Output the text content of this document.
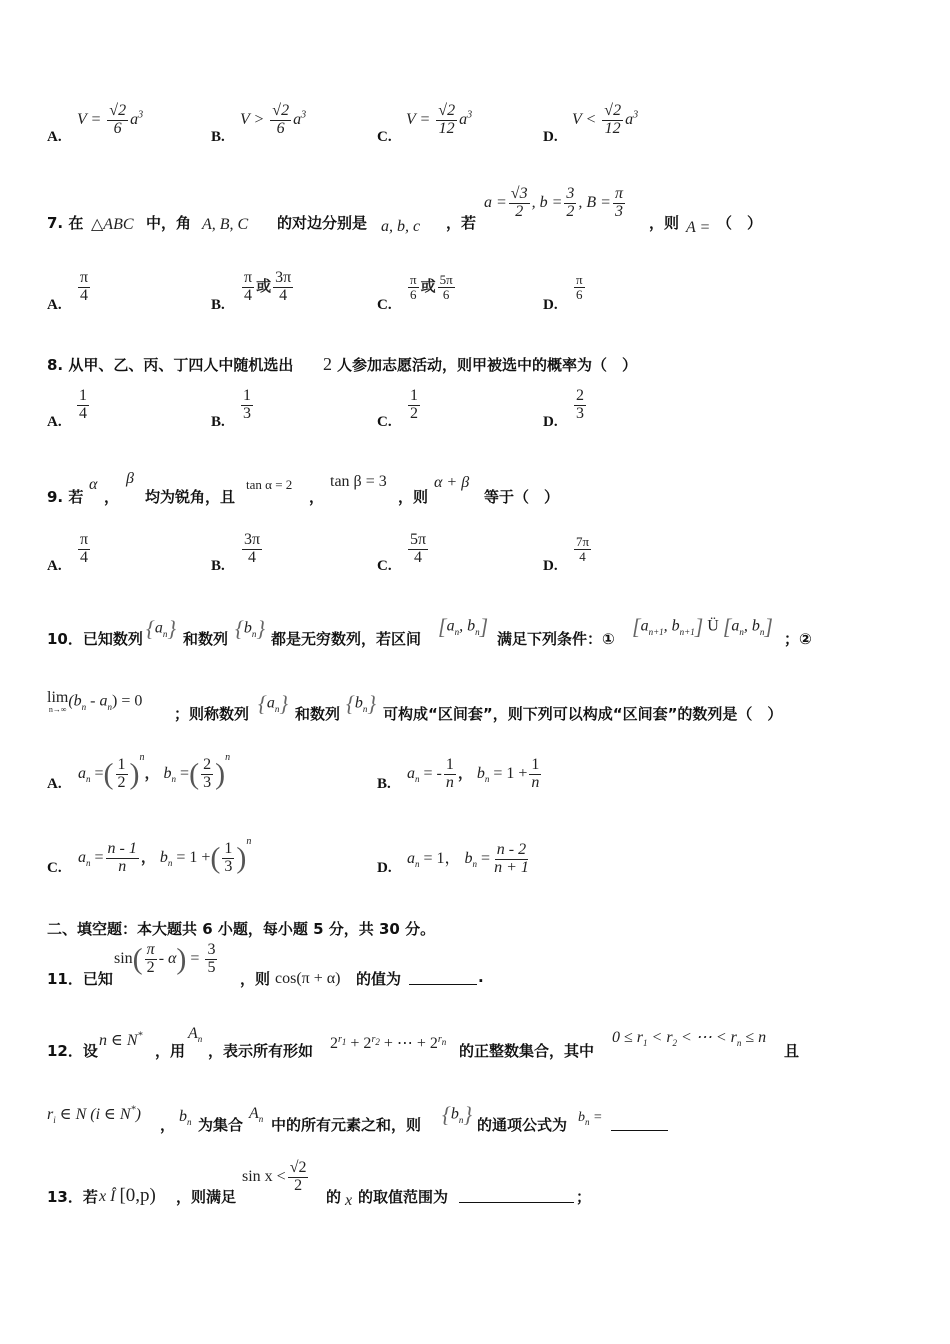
A.
$V = \frac{√2}{6} a^3$
B.
$V > \frac{√2}{6} a^3$
C.
$V = \frac{√2}{12} a^3$
D.
$V < \frac{√2}{12} a^3$
7. 在 △ABC 中，角 A, B, C 的对边分别是 a, b, c ，若
$a = \frac{√3}{2}$ , $b = \frac{3}{2}$ , $B = \frac{\pi}{3}$
，则 A = （　）
A.
$\frac{\pi}{4}$
B.
$\frac{\pi}{4}$ 或 $\frac{3\pi}{4}$
C.
$\frac{\pi}{6}$ 或 $\frac{5\pi}{6}$
D.
$\frac{\pi}{6}$
8. 从甲、乙、丙、丁四人中随机选出 2 人参加志愿活动，则甲被选中的概率为（　）
A. $\frac{1}{4}$	B. $\frac{1}{3}$	C. $\frac{1}{2}$	D. $\frac{2}{3}$
9. 若
α
，
β
均为锐角，且
tan α = 2
，
tan β = 3
，则
α + β
等于（　）
A. $\frac{\pi}{4}$	B. $\frac{3\pi}{4}$	C. $\frac{5\pi}{4}$	D.
$\frac{7\pi}{4}$
10．已知数列 $\{a_n\}$ 和数列 $\{b_n\}$ 都是无穷数列，若区间 [$a_n$, $b_n$] 满足下列条件：① [$a_{n+1}$, $b_{n+1}$] Ü [$a_n$, $b_n$] ；②
lim
n→∞ $(b_n - a_n) = 0$
；则称数列 $\{a_n\}$ 和数列 $\{b_n\}$ 可构成“区间套”，则下列可以构成“区间套”的数列是（　）
A.
$a_n$ =( $\frac{1}{2} )^n$， $b_n$ =( $\frac{2}{3} )^n$
B.
$a_n$ = - $\frac{1}{n}$ ， $b_n = 1 + \frac{1}{n}$
C.
$a_n = \frac{n - 1}{n}$ ， $b_n = 1$ +( $\frac{1}{3} )^n$
D.
$a_n = 1$， $b_n = \frac{n - 2}{n + 1}$
二、填空题：本大题共 6 小题，每小题 5 分，共 30 分。
11．已知
$\sin( \frac{\pi}{2} - \alpha) = \frac{3}{5}$
，则 cos(π + α) 的值为	.
12．设
n ∈ N*
，用
$A_n$
，表示所有形如 $2^{r_1} + 2^{r_2}$ + ⋯ + $2^{r_n}$
的正整数集合，其中
$0 \le r_1 < r_2$ < ⋯ < $r_n \le n$
且
$r_i$ ∈ N (i ∈ N*)
， $b_n$ 为集合
$A_n$ 中的所有元素之和，则 $\{b_n\}$ 的通项公式为 $b_n$ =
13．若 x Î [0,p) ，则满足
$\sin x < \frac{√2}{2}$
的 x 的取值范围为	；
